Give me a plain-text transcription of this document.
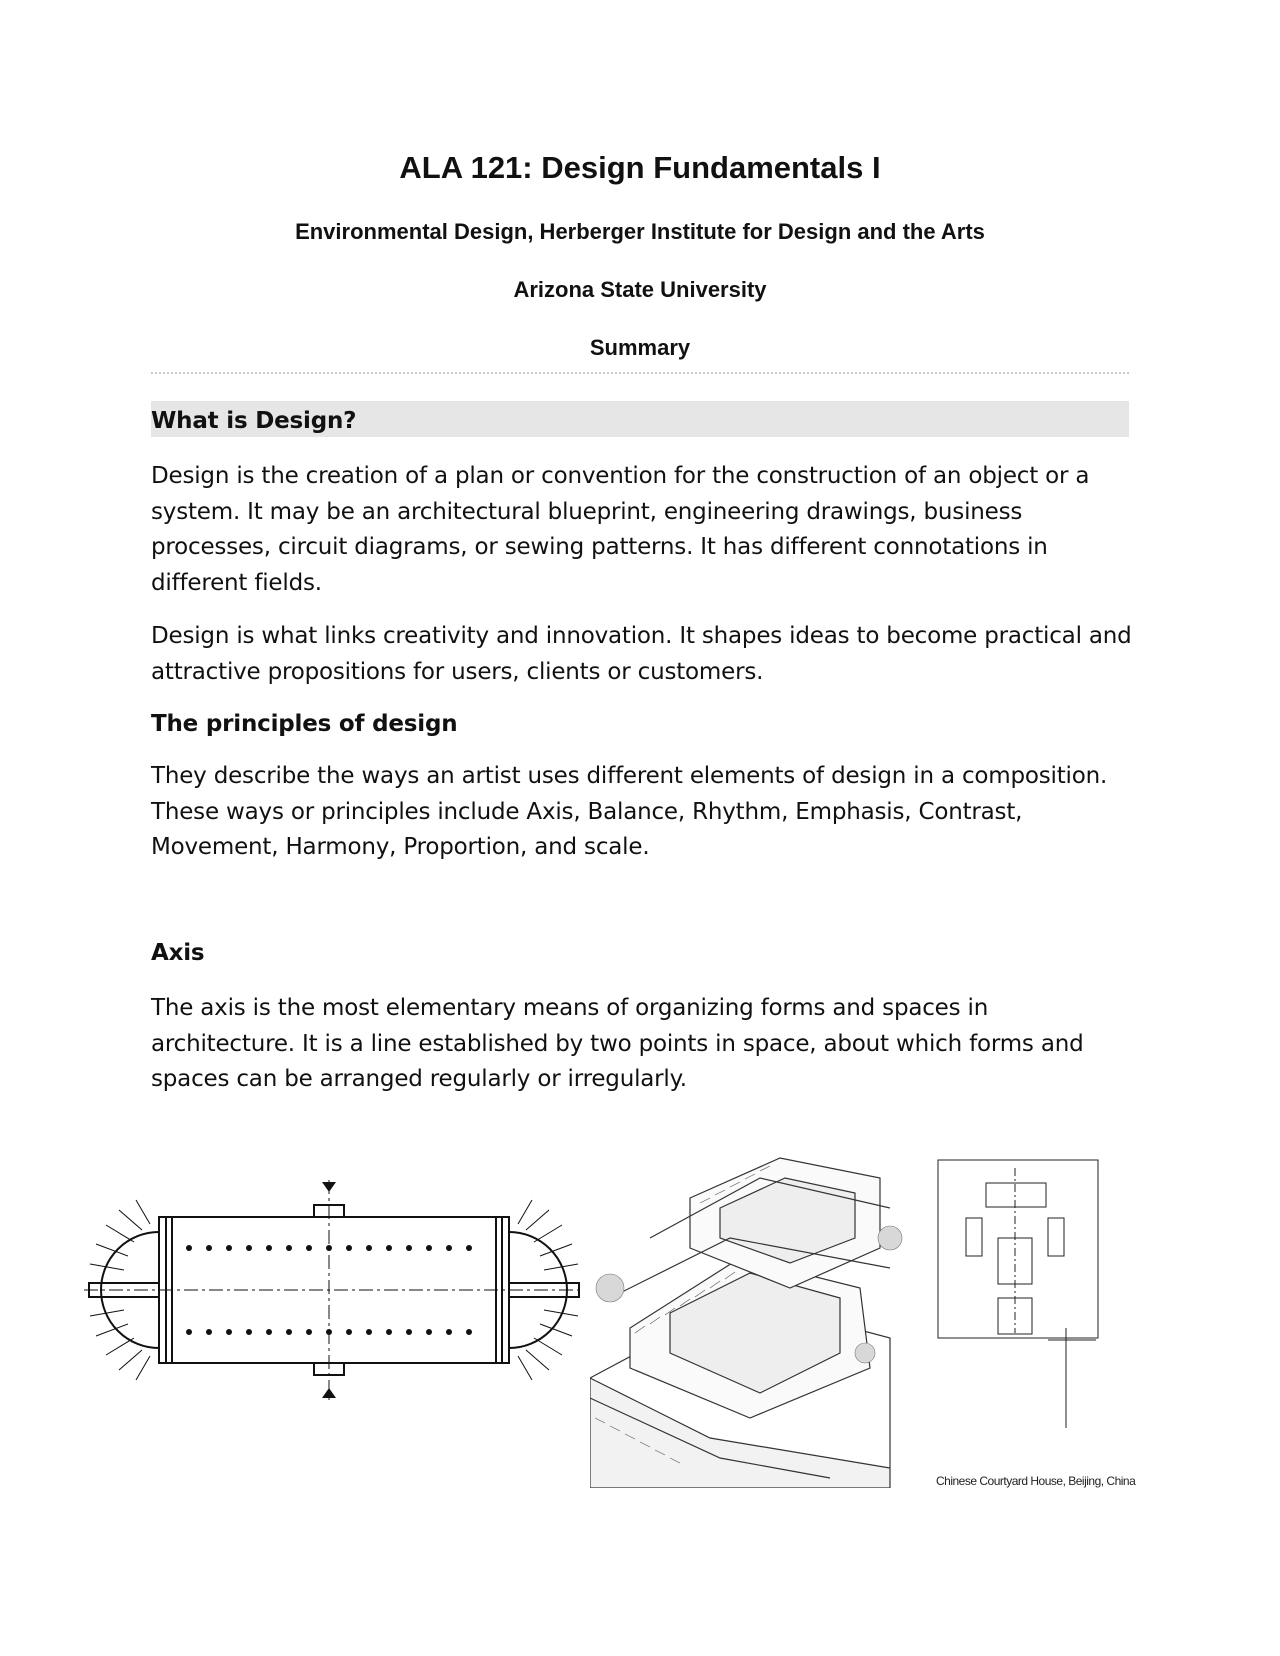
ALA 121: Design Fundamentals I
Environmental Design, Herberger Institute for Design and the Arts
Arizona State University
Summary
What is Design?
Design is the creation of a plan or convention for the construction of an object or a system. It may be an architectural blueprint, engineering drawings, business processes, circuit diagrams, or sewing patterns. It has different connotations in different fields.
Design is what links creativity and innovation. It shapes ideas to become practical and attractive propositions for users, clients or customers.
The principles of design
They describe the ways an artist uses different elements of design in a composition. These ways or principles include Axis, Balance, Rhythm, Emphasis, Contrast, Movement, Harmony, Proportion, and scale.
Axis
The axis is the most elementary means of organizing forms and spaces in architecture. It is a line established by two points in space, about which forms and spaces can be arranged regularly or irregularly.
Chinese Courtyard House, Beijing, China
